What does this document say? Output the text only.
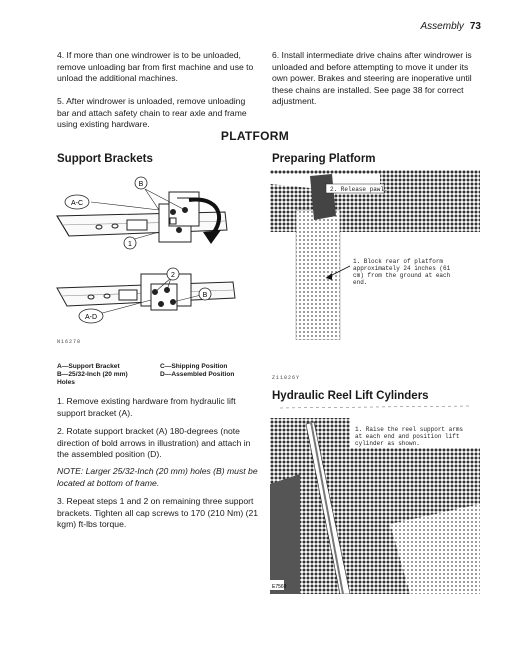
Assembly 73
4. If more than one windrower is to be unloaded, remove unloading bar from first machine and use to unload the additional machines.
5. After windrower is unloaded, remove unloading bar and attach safety chain to rear axle and frame using existing hardware.
6. Install intermediate drive chains after windrower is unloaded and before attempting to move it under its own power. Brakes and steering are inoperative until these chains are installed. See page 38 for correct adjustment.
PLATFORM
Support Brackets	Preparing Platform
A-C
B
1
2
B
A-D
N16278
A—Support Bracket	C—Shipping Position
B—25/32-Inch (20 mm) Holes
D—Assembled Position
1. Remove existing hardware from hydraulic lift support bracket (A).
2. Rotate support bracket (A) 180-degrees (note direction of bold arrows in illustration) and attach in the assembled position (D).
NOTE: Larger 25/32-Inch (20 mm) holes (B) must be located at bottom of frame.
3. Repeat steps 1 and 2 on remaining three support brackets. Tighten all cap screws to 170 (210 Nm) (21 kgm) ft-lbs torque.
2. Release pawl.
1. Block rear of platform approximately 24 inches (61 cm) from the ground at each end.
Z11026Y
Hydraulic Reel Lift Cylinders
E7569
1. Raise the reel support arms at each end and position lift cylinder as shown.
